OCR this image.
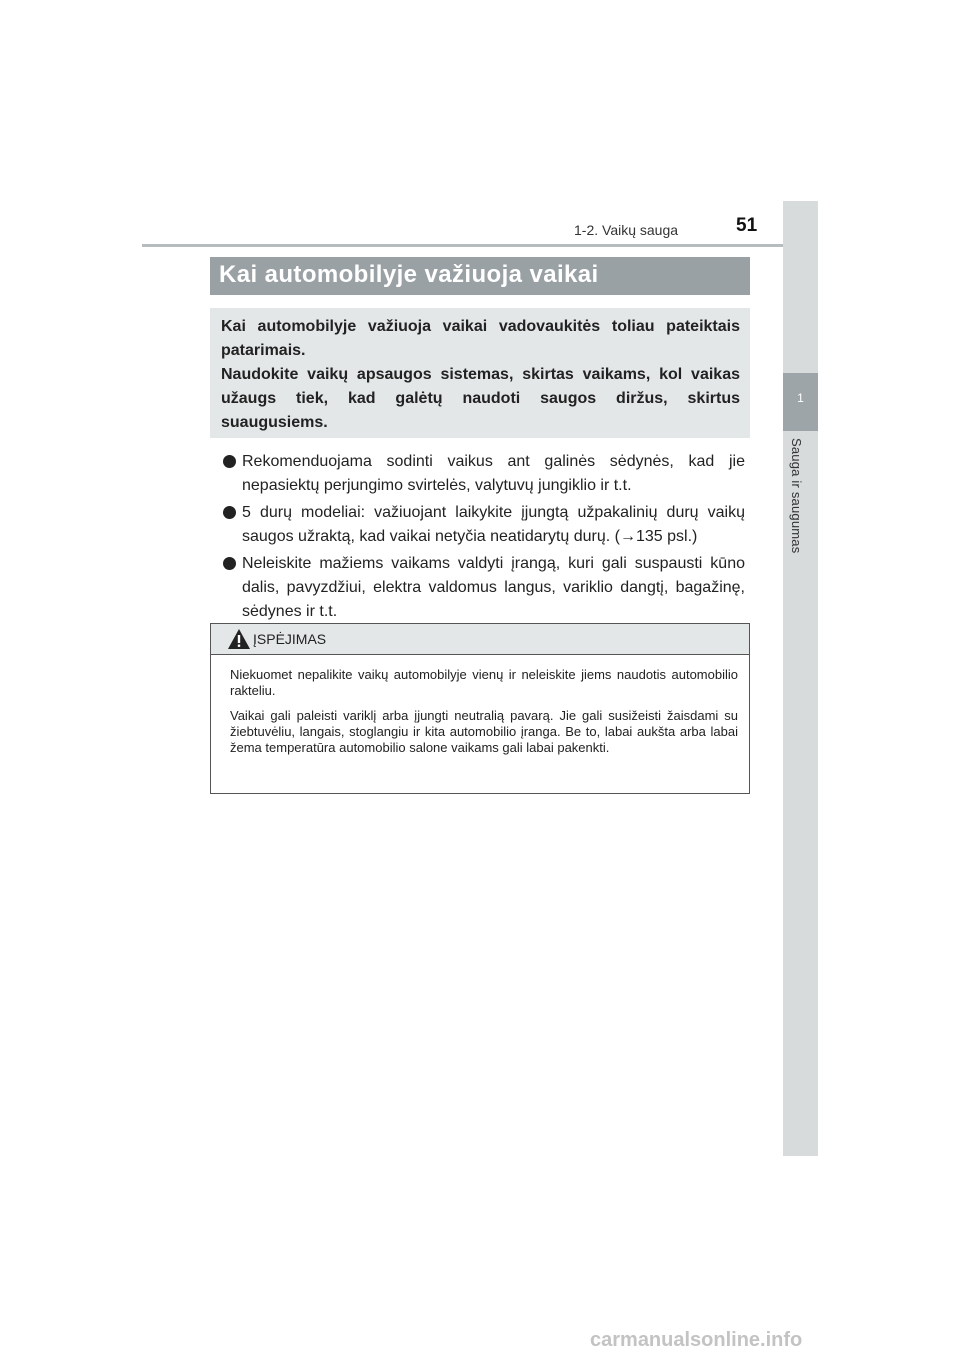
1-2. Vaikų sauga	51
1
Sauga ir saugumas
Kai automobilyje važiuoja vaikai

Kai automobilyje važiuoja vaikai vadovaukitės toliau pateiktais patarimais.

Naudokite vaikų apsaugos sistemas, skirtas vaikams, kol vaikas užaugs tiek, kad galėtų naudoti saugos diržus, skirtus suaugusiems.

Rekomenduojama sodinti vaikus ant galinės sėdynės, kad jie nepasiektų perjungimo svirtelės, valytuvų jungiklio ir t.t.
5 durų modeliai: važiuojant laikykite įjungtą užpakalinių durų vaikų saugos užraktą, kad vaikai netyčia neatidarytų durų. (→135 psl.)
Neleiskite mažiems vaikams valdyti įrangą, kuri gali suspausti kūno dalis, pavyzdžiui, elektra valdomus langus, variklio dangtį, bagažinę, sėdynes ir t.t.
ĮSPĖJIMAS

Niekuomet nepalikite vaikų automobilyje vienų ir neleiskite jiems naudotis automobilio rakteliu.

Vaikai gali paleisti variklį arba įjungti neutralią pavarą. Jie gali susižeisti žaisdami su žiebtuvėliu, langais, stoglangiu ir kita automobilio įranga. Be to, labai aukšta arba labai žema temperatūra automobilio salone vaikams gali labai pakenkti.

carmanualsonline.info
